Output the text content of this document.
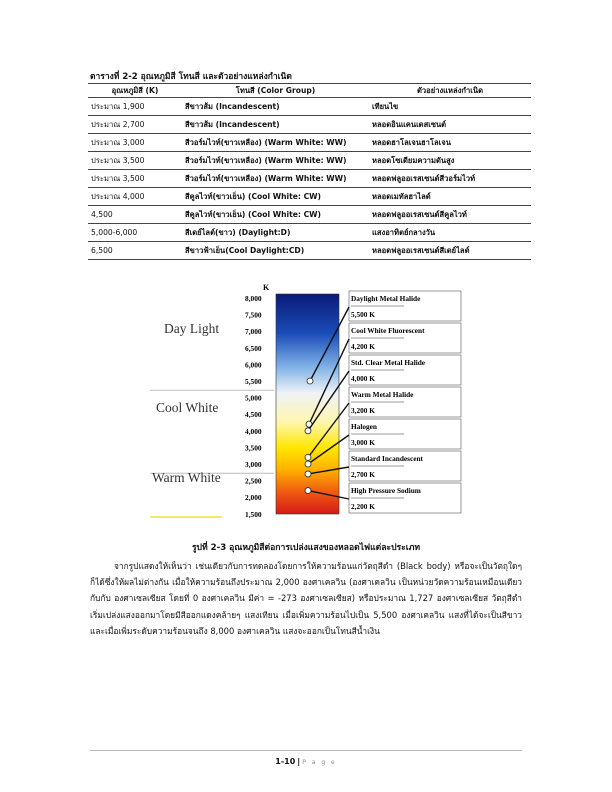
ตารางที่ 2-2 อุณหภูมิสี โทนสี และตัวอย่างแหล่งกำเนิด
อุณหภูมิสี (K)	โทนสี (Color Group)	ตัวอย่างแหล่งกำเนิด
ประมาณ 1,900	สีขาวส้ม (Incandescent)	เทียนไข
ประมาณ 2,700	สีขาวส้ม (Incandescent)	หลอดอินแคนเดสเซนต์
ประมาณ 3,000	สีวอร์มไวท์(ขาวเหลือง) (Warm White: WW)	หลอดฮาโลเจนฮาโลเจน
ประมาณ 3,500	สีวอร์มไวท์(ขาวเหลือง) (Warm White: WW)	หลอดโซเดียมความดันสูง
ประมาณ 3,500	สีวอร์มไวท์(ขาวเหลือง) (Warm White: WW)	หลอดฟลูออเรสเซนต์สีวอร์มไวท์
ประมาณ 4,000	สีคูลไวท์(ขาวเย็น) (Cool White: CW)	หลอดเมทัลฮาไลด์
4,500	สีคูลไวท์(ขาวเย็น) (Cool White: CW)	หลอดฟลูออเรสเซนต์สีคูลไวท์
5,000-6,000	สีเดย์ไลต์(ขาว) (Daylight:D)	แสงอาทิตย์กลางวัน
6,500	สีขาวฟ้าเย็น(Cool Daylight:CD)	หลอดฟลูออเรสเซนต์สีเดย์ไลต์
K
8,000
7,500
7,000
6,500
6,000
5,500
5,000
4,500
4,000
3,500
3,000
2,500
2,000
1,500
Day Light
Cool White
Warm White
Daylight Metal Halide
5,500 K
Cool White Fluorescent
4,200 K
Std. Clear Metal Halide
4,000 K
Warm Metal Halide
3,200 K
Halogen
3,000 K
Standard Incandescent
2,700 K
High Pressure Sodium
2,200 K
รูปที่ 2-3 อุณหภูมิสีต่อการเปล่งแสงของหลอดไฟแต่ละประเภท
จากรูปแสดงให้เห็นว่า เช่นเดียวกับการทดลองโดยการให้ความร้อนแก่วัตถุสีดำ (Black body) หรือจะเป็นวัตถุใดๆ ก็ได้ซึ่งให้ผลไม่ต่างกัน เมื่อให้ความร้อนถึงประมาณ 2,000 องศาเคลวิน (องศาเคลวิน เป็นหน่วยวัดความร้อนเหมือนเดียวกับกับ องศาเซลเซียส โดยที่ 0 องศาเคลวิน มีค่า = -273 องศาเซลเซียส) หรือประมาณ 1,727 องศาเซลเซียส วัตถุสีดำเริ่มเปล่งแสงออกมาโดยมีสีออกแดงคล้ายๆ แสงเทียน เมื่อเพิ่มความร้อนไปเป็น 5,500 องศาเคลวิน แสงที่ได้จะเป็นสีขาว และเมื่อเพิ่มระดับความร้อนจนถึง 8,000 องศาเคลวิน แสงจะออกเป็นโทนสีน้ำเงิน
1-10 | P a g e
